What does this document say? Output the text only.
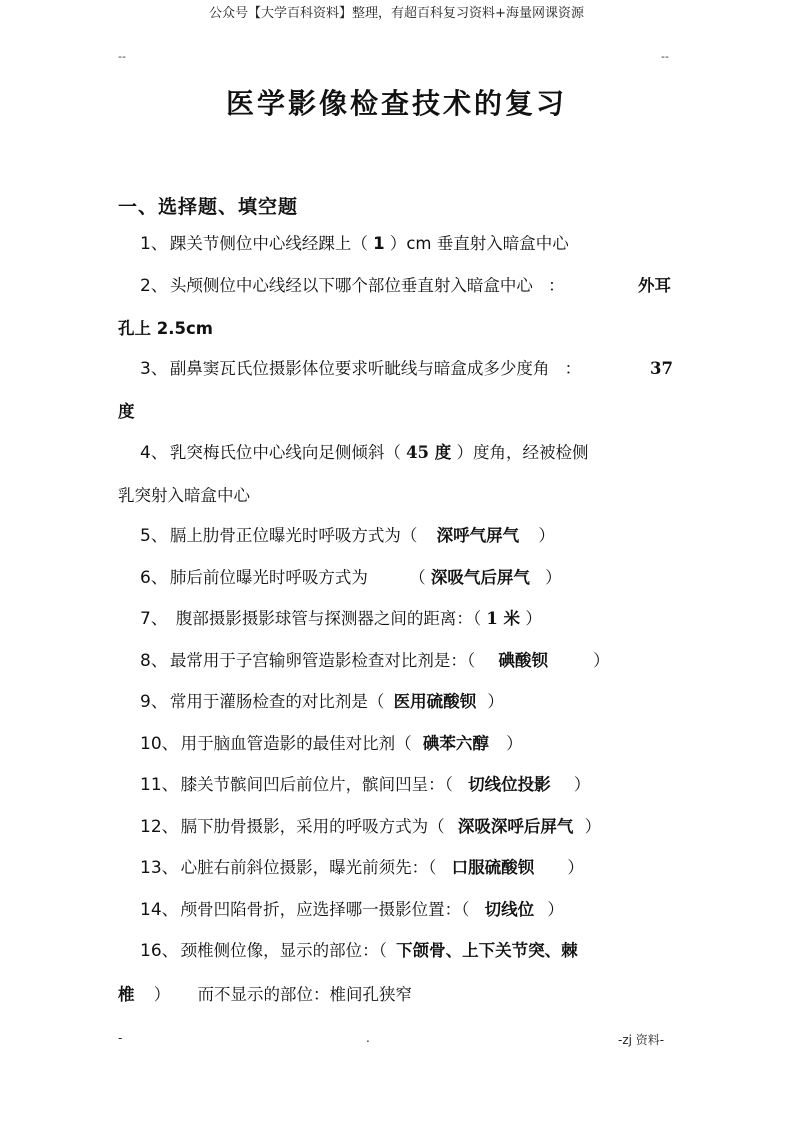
公众号【大学百科资料】整理，有超百科复习资料+海量网课资源
--	--
医学影像检查技术的复习
一、选择题、填空题
1、 踝关节侧位中心线经踝上（ 1 ）cm 垂直射入暗盒中心
2、 头颅侧位中心线经以下哪个部位垂直射入暗盒中心 ：	外耳
孔上 2.5cm
3、 副鼻窦瓦氏位摄影体位要求听眦线与暗盒成多少度角 ：	37
度
4、 乳突梅氏位中心线向足侧倾斜（ 45 度 ）度角，经被检侧
乳突射入暗盒中心
5、 膈上肋骨正位曝光时呼吸方式为（ 深呼气屏气 ）
6、 肺后前位曝光时呼吸方式为	（ 深吸气后屏气 ）
7、 腹部摄影摄影球管与探测器之间的距离：（ 1 米 ）
8、 最常用于子宫输卵管造影检查对比剂是：（ 碘酸钡	）
9、 常用于灌肠检查的对比剂是（ 医用硫酸钡 ）
10、 用于脑血管造影的最佳对比剂（ 碘苯六醇 ）
11、 膝关节髌间凹后前位片，髌间凹呈：（ 切线位投影 ）
12、 膈下肋骨摄影，采用的呼吸方式为（ 深吸深呼后屏气 ）
13、 心脏右前斜位摄影，曝光前须先：（ 口服硫酸钡 ）
14、 颅骨凹陷骨折，应选择哪一摄影位置：（ 切线位 ）
16、 颈椎侧位像，显示的部位：（ 下颌骨、上下关节突、棘
椎 ） 而不显示的部位：椎间孔狭窄
-	.	-zj 资料-
